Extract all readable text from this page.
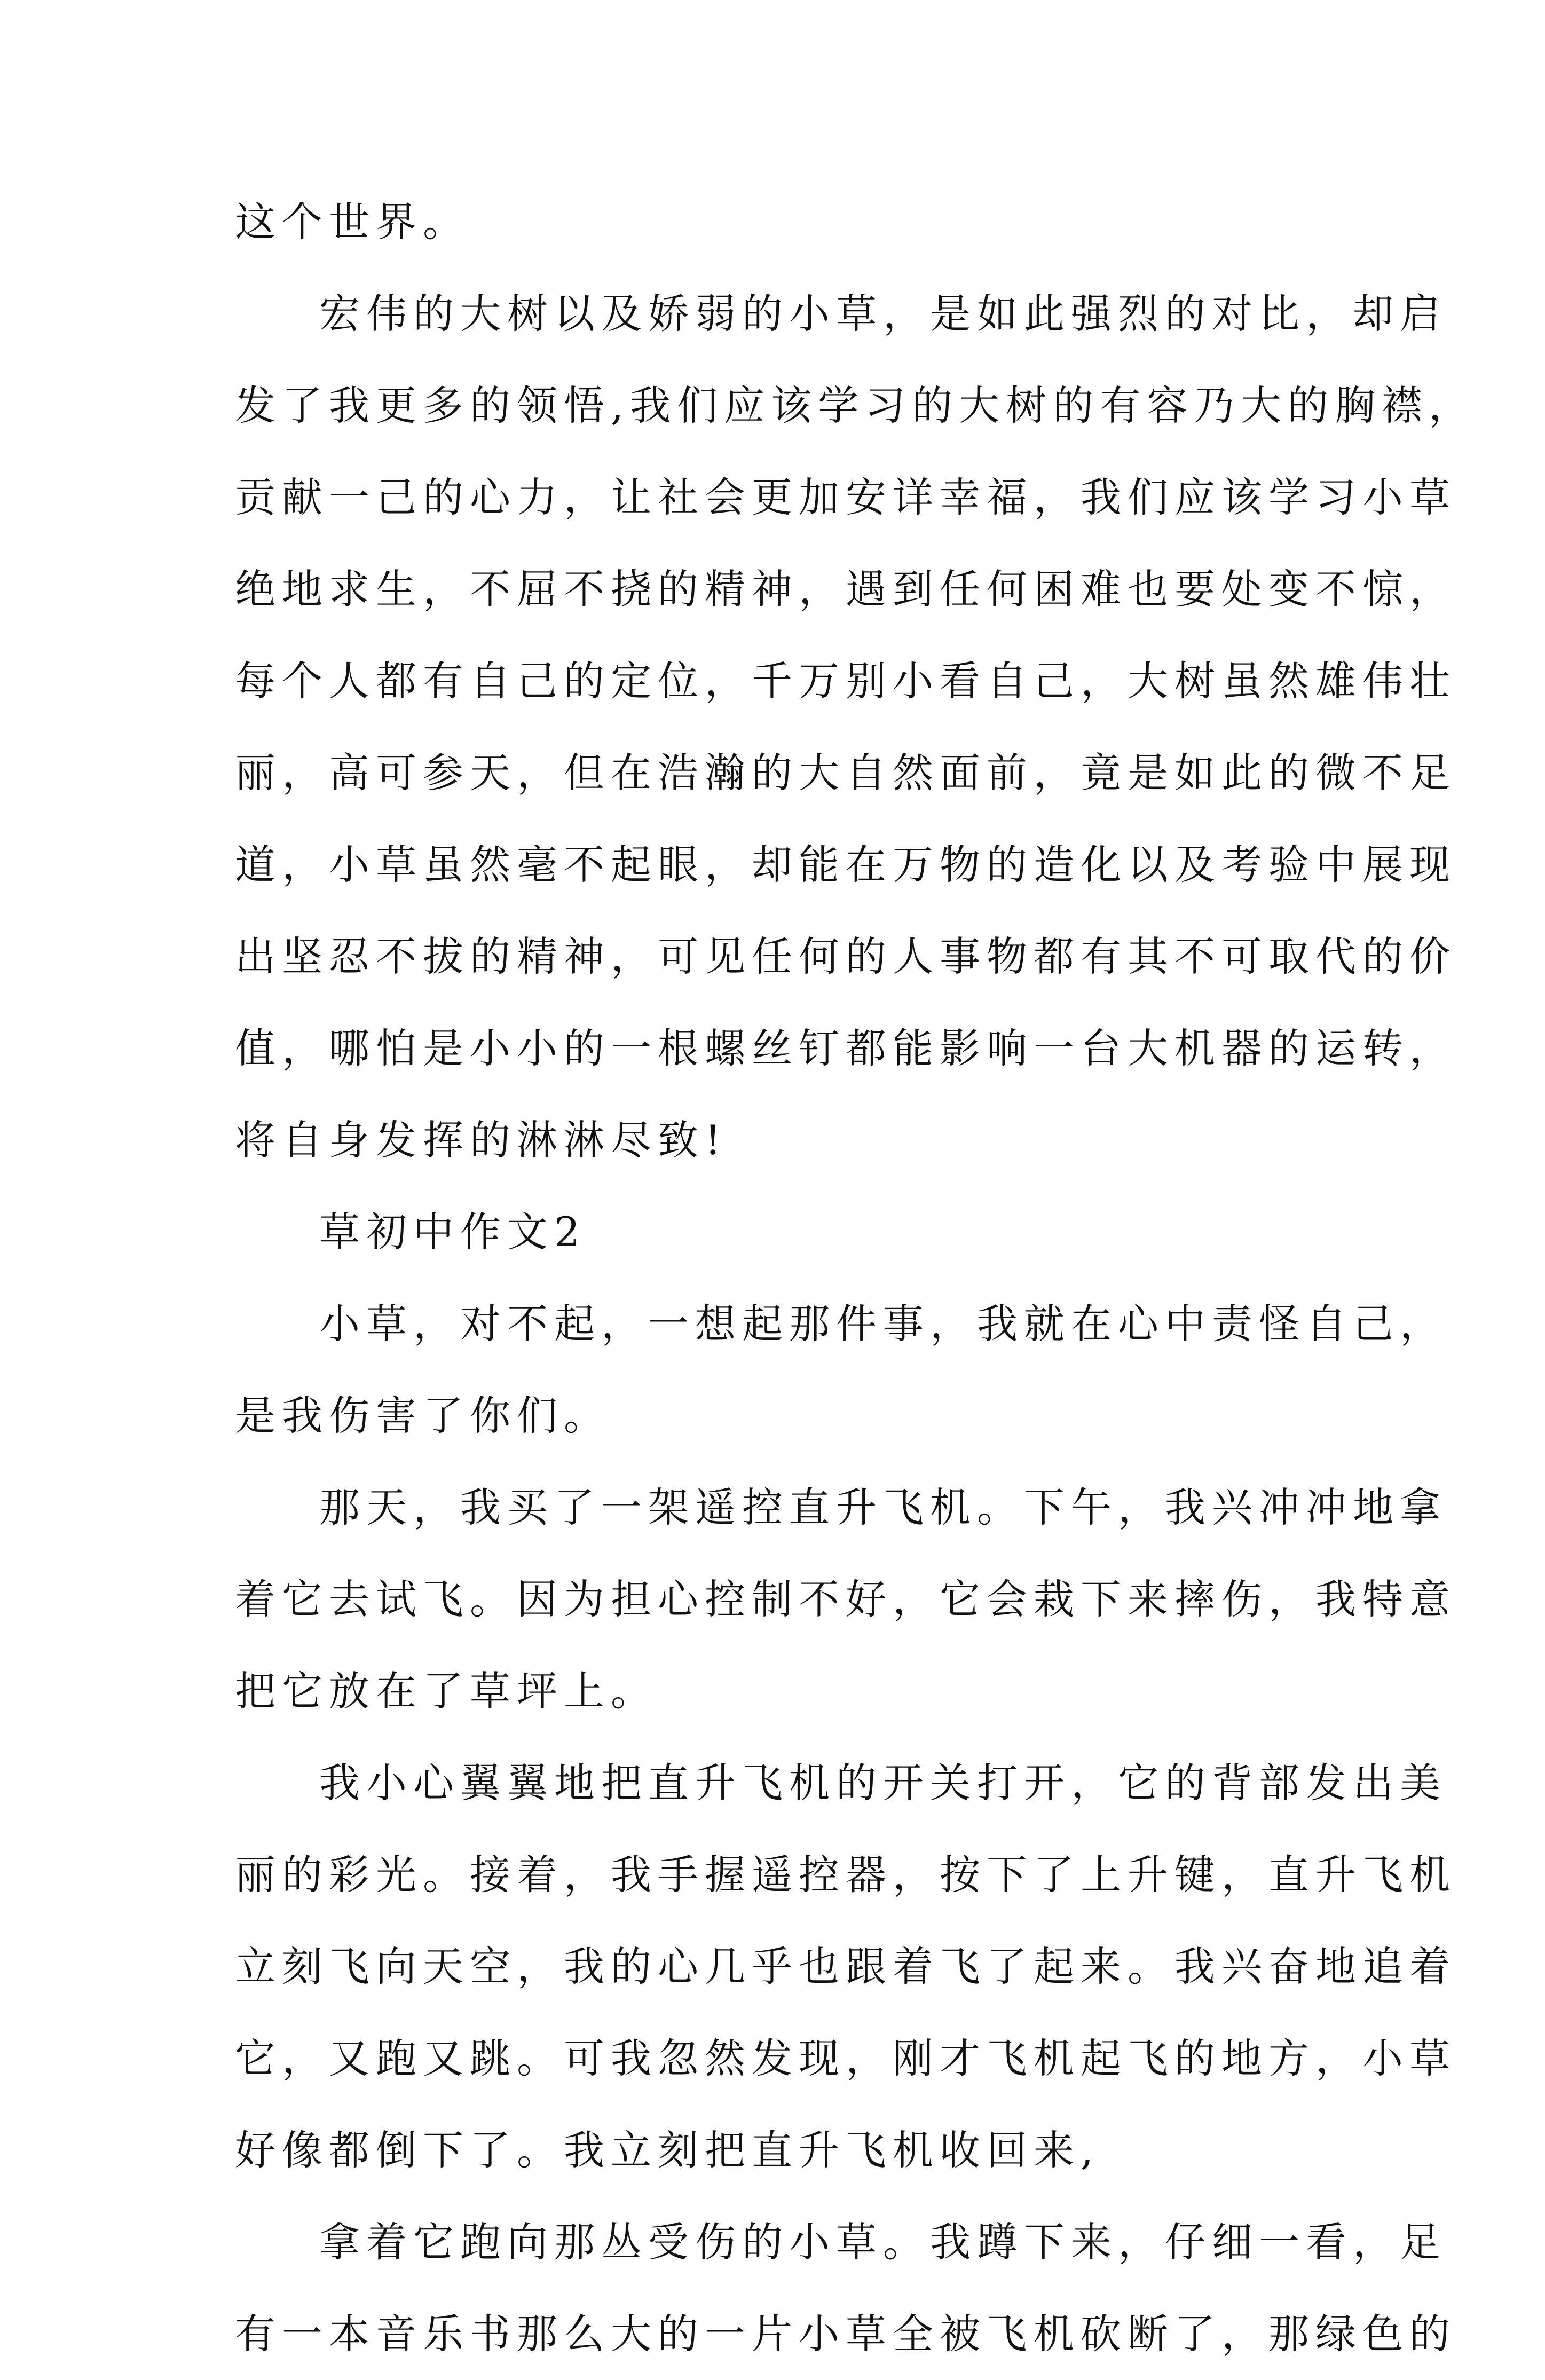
这个世界。
宏伟的大树以及娇弱的小草，是如此强烈的对比，却启
发了我更多的领悟,我们应该学习的大树的有容乃大的胸襟，
贡献一己的心力，让社会更加安详幸福，我们应该学习小草
绝地求生，不屈不挠的精神，遇到任何困难也要处变不惊，
每个人都有自己的定位，千万别小看自己，大树虽然雄伟壮
丽，高可参天，但在浩瀚的大自然面前，竟是如此的微不足
道，小草虽然毫不起眼，却能在万物的造化以及考验中展现
出坚忍不拔的精神，可见任何的人事物都有其不可取代的价
值，哪怕是小小的一根螺丝钉都能影响一台大机器的运转，
将自身发挥的淋淋尽致!
草初中作文2
小草，对不起，一想起那件事，我就在心中责怪自己，
是我伤害了你们。
那天，我买了一架遥控直升飞机。下午，我兴冲冲地拿
着它去试飞。因为担心控制不好，它会栽下来摔伤，我特意
把它放在了草坪上。
我小心翼翼地把直升飞机的开关打开，它的背部发出美
丽的彩光。接着，我手握遥控器，按下了上升键，直升飞机
立刻飞向天空，我的心几乎也跟着飞了起来。我兴奋地追着
它，又跑又跳。可我忽然发现，刚才飞机起飞的地方，小草
好像都倒下了。我立刻把直升飞机收回来,
拿着它跑向那丛受伤的小草。我蹲下来，仔细一看，足
有一本音乐书那么大的一片小草全被飞机砍断了，那绿色的
